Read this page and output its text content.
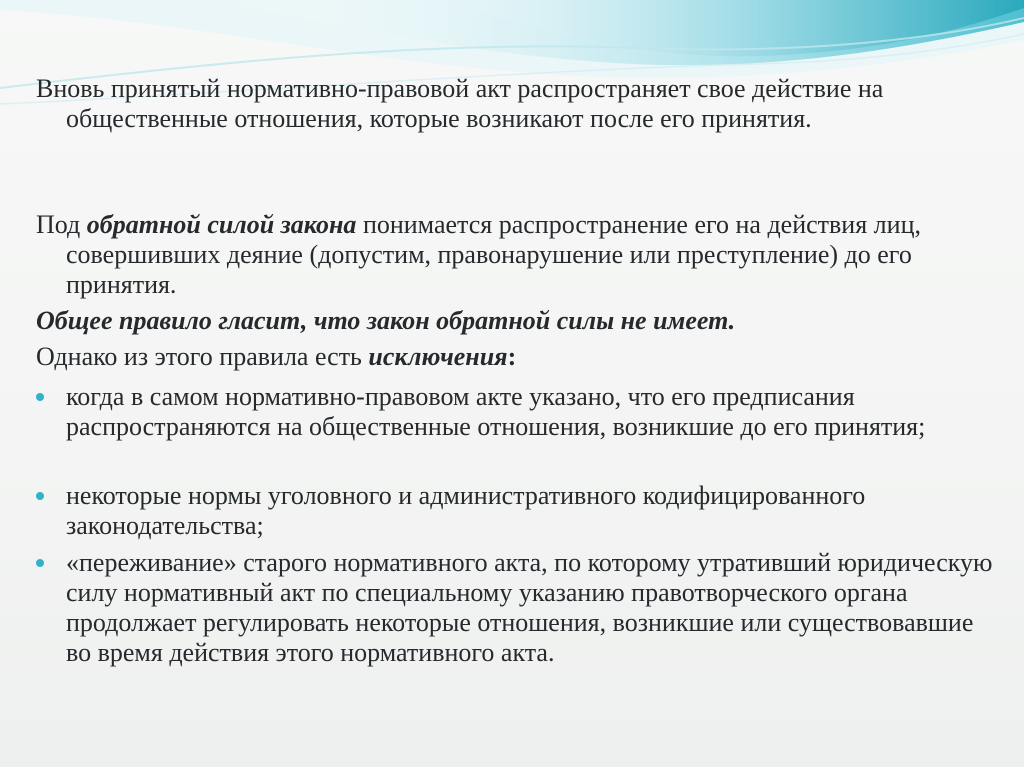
Вновь принятый нормативно-правовой акт распространяет свое действие на общественные отношения, которые возникают после его принятия.
Под обратной силой закона понимается распространение его на действия лиц, совершивших деяние (допустим, правонарушение или преступление) до его принятия.
Общее правило гласит, что закон обратной силы не имеет.
Однако из этого правила есть исключения:
когда в самом нормативно-правовом акте указано, что его предписания распространяются на общественные отношения, возникшие до его принятия;
некоторые нормы уголовного и административного кодифицированного законодательства;
«переживание» старого нормативного акта, по которому утративший юридическую силу нормативный акт по специальному указанию правотворческого органа продолжает регулировать некоторые отношения, возникшие или существовавшие во время действия этого нормативного акта.
